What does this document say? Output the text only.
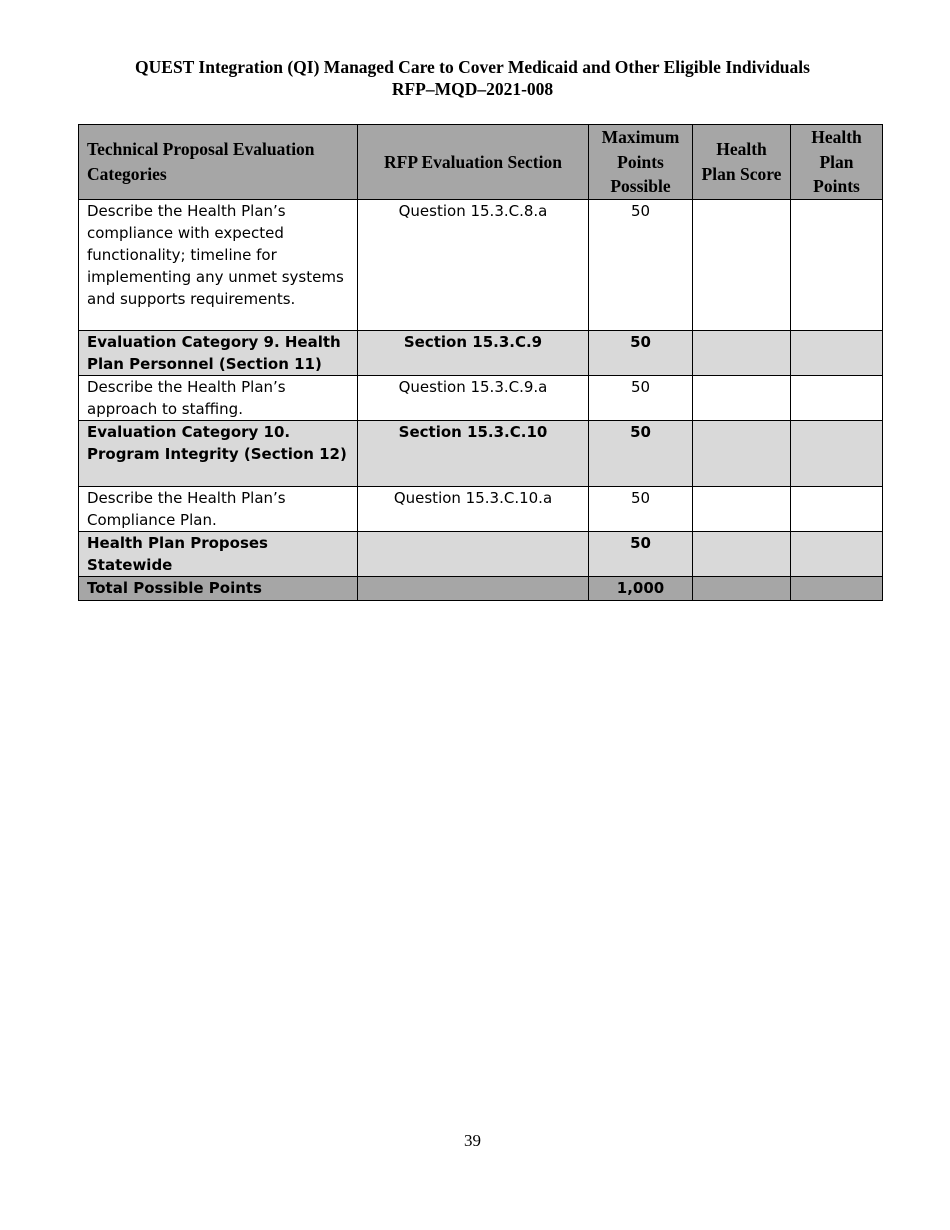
QUEST Integration (QI) Managed Care to Cover Medicaid and Other Eligible Individuals
RFP–MQD–2021-008
Technical Proposal Evaluation Categories	RFP Evaluation Section	Maximum Points Possible	Health Plan Score	Health Plan Points
Describe the Health Plan’s compliance with expected functionality; timeline for implementing any unmet systems and supports requirements.	Question 15.3.C.8.a	50		
Evaluation Category 9. Health Plan Personnel (Section 11)	Section 15.3.C.9	50		
Describe the Health Plan’s approach to staffing.	Question 15.3.C.9.a	50		
Evaluation Category 10. Program Integrity (Section 12)	Section 15.3.C.10	50		
Describe the Health Plan’s Compliance Plan.	Question 15.3.C.10.a	50		
Health Plan Proposes Statewide		50		
Total Possible Points		1,000		
39
